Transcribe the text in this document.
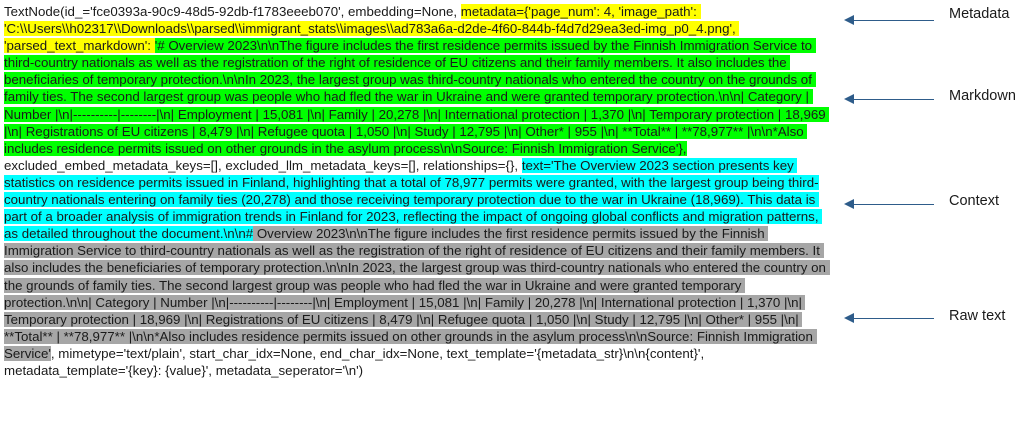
TextNode(id_='fce0393a-90c9-48d5-92db-f1783eeeb070', embedding=None, metadata={'page_num': 4, 'image_path': 'C:\\Users\\h02317\\Downloads\\parsed\\immigrant_stats\\images\\ad783a6a-d2de-4f60-844b-f4d7d29ea3ed-img_p0_4.png', 'parsed_text_markdown': '# Overview 2023\n\nThe figure includes the first residence permits issued by the Finnish Immigration Service to third-country nationals as well as the registration of the right of residence of EU citizens and their family members. It also includes the beneficiaries of temporary protection.\n\nIn 2023, the largest group was third-country nationals who entered the country on the grounds of family ties. The second largest group was people who had fled the war in Ukraine and were granted temporary protection.\n\n| Category | Number |\n|----------|--------|\n| Employment | 15,081 |\n| Family | 20,278 |\n| International protection | 1,370 |\n| Temporary protection | 18,969 |\n| Registrations of EU citizens | 8,479 |\n| Refugee quota | 1,050 |\n| Study | 12,795 |\n| Other* | 955 |\n| **Total** | **78,977** |\n\n*Also includes residence permits issued on other grounds in the asylum process\n\nSource: Finnish Immigration Service'}, excluded_embed_metadata_keys=[], excluded_llm_metadata_keys=[], relationships={}, text='The Overview 2023 section presents key statistics on residence permits issued in Finland, highlighting that a total of 78,977 permits were granted, with the largest group being third-country nationals entering on family ties (20,278) and those receiving temporary protection due to the war in Ukraine (18,969). This data is part of a broader analysis of immigration trends in Finland for 2023, reflecting the impact of ongoing global conflicts and migration patterns, as detailed throughout the document.\n\n# Overview 2023\n\nThe figure includes the first residence permits issued by the Finnish Immigration Service to third-country nationals as well as the registration of the right of residence of EU citizens and their family members. It also includes the beneficiaries of temporary protection.\n\nIn 2023, the largest group was third-country nationals who entered the country on the grounds of family ties. The second largest group was people who had fled the war in Ukraine and were granted temporary protection.\n\n| Category | Number |\n|----------|--------|\n| Employment | 15,081 |\n| Family | 20,278 |\n| International protection | 1,370 |\n| Temporary protection | 18,969 |\n| Registrations of EU citizens | 8,479 |\n| Refugee quota | 1,050 |\n| Study | 12,795 |\n| Other* | 955 |\n| **Total** | **78,977** |\n\n*Also includes residence permits issued on other grounds in the asylum process\n\nSource: Finnish Immigration Service', mimetype='text/plain', start_char_idx=None, end_char_idx=None, text_template='{metadata_str}\n\n{content}', metadata_template='{key}: {value}', metadata_seperator='\n')
Metadata
Markdown
Context
Raw text
